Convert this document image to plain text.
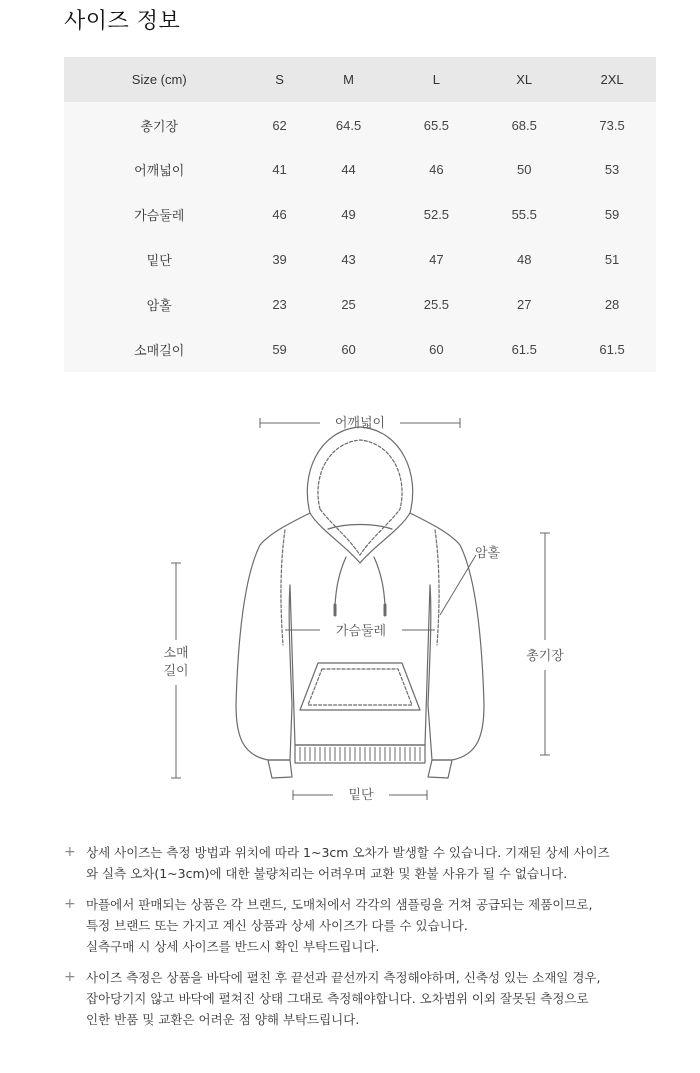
사이즈 정보
Size (cm)	S	M	L	XL	2XL
총기장	62	64.5	65.5	68.5	73.5
어깨넓이	41	44	46	50	53
가슴둘레	46	49	52.5	55.5	59
밑단	39	43	47	48	51
암홀	23	25	25.5	27	28
소매길이	59	60	60	61.5	61.5
어깨넓이
암홀
가슴둘레
총기장
소매
길이
밑단
+ 상세 사이즈는 측정 방법과 위치에 따라 1~3cm 오차가 발생할 수 있습니다. 기재된 상세 사이즈

와 실측 오차(1~3cm)에 대한 불량처리는 어려우며 교환 및 환불 사유가 될 수 없습니다.

+ 마플에서 판매되는 상품은 각 브랜드, 도매처에서 각각의 샘플링을 거쳐 공급되는 제품이므로,

특정 브랜드 또는 가지고 계신 상품과 상세 사이즈가 다를 수 있습니다.

실측구매 시 상세 사이즈를 반드시 확인 부탁드립니다.

+ 사이즈 측정은 상품을 바닥에 펼친 후 끝선과 끝선까지 측정해야하며, 신축성 있는 소재일 경우,

잡아당기지 않고 바닥에 펼쳐진 상태 그대로 측정해야합니다. 오차범위 이외 잘못된 측정으로

인한 반품 및 교환은 어려운 점 양해 부탁드립니다.
